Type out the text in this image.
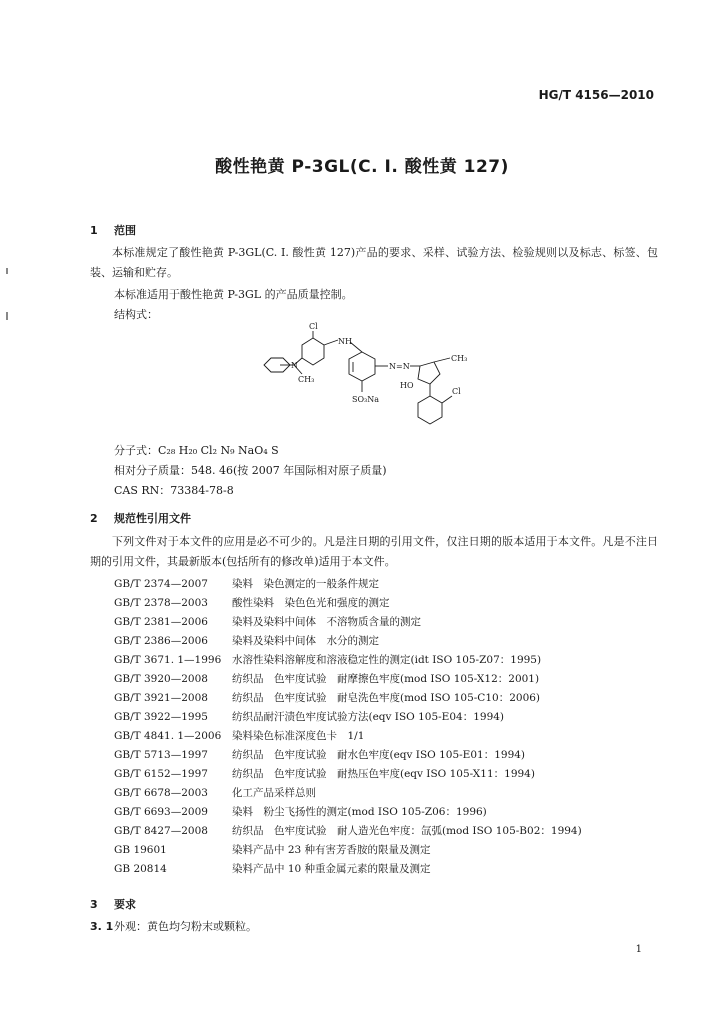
HG/T 4156—2010
酸性艳黄 P-3GL(C. I. 酸性黄 127)
1 范围
本标准规定了酸性艳黄 P-3GL(C. I. 酸性黄 127)产品的要求、采样、试验方法、检验规则以及标志、标签、包装、运输和贮存。
本标准适用于酸性艳黄 P-3GL 的产品质量控制。
结构式：
Cl
NH
N
CH₃
N=N
CH₃
SO₃Na
HO
Cl
分子式：C₂₈ H₂₀ Cl₂ N₉ NaO₄ S
相对分子质量：548. 46(按 2007 年国际相对原子质量)
CAS RN：73384-78-8
2 规范性引用文件
下列文件对于本文件的应用是必不可少的。凡是注日期的引用文件，仅注日期的版本适用于本文件。凡是不注日期的引用文件，其最新版本(包括所有的修改单)适用于本文件。
GB/T 2374—2007 染料　染色测定的一般条件规定
GB/T 2378—2003 酸性染料　染色色光和强度的测定
GB/T 2381—2006 染料及染料中间体　不溶物质含量的测定
GB/T 2386—2006 染料及染料中间体　水分的测定
GB/T 3671. 1—1996 水溶性染料溶解度和溶液稳定性的测定(idt ISO 105-Z07：1995)
GB/T 3920—2008 纺织品　色牢度试验　耐摩擦色牢度(mod ISO 105-X12：2001)
GB/T 3921—2008 纺织品　色牢度试验　耐皂洗色牢度(mod ISO 105-C10：2006)
GB/T 3922—1995 纺织品耐汗渍色牢度试验方法(eqv ISO 105-E04：1994)
GB/T 4841. 1—2006 染料染色标准深度色卡　1/1
GB/T 5713—1997 纺织品　色牢度试验　耐水色牢度(eqv ISO 105-E01：1994)
GB/T 6152—1997 纺织品　色牢度试验　耐热压色牢度(eqv ISO 105-X11：1994)
GB/T 6678—2003 化工产品采样总则
GB/T 6693—2009 染料　粉尘飞扬性的测定(mod ISO 105-Z06：1996)
GB/T 8427—2008 纺织品　色牢度试验　耐人造光色牢度：氙弧(mod ISO 105-B02：1994)
GB 19601	染料产品中 23 种有害芳香胺的限量及测定
GB 20814	染料产品中 10 种重金属元素的限量及测定
3 要求
3. 1外观：黄色均匀粉末或颗粒。
1
